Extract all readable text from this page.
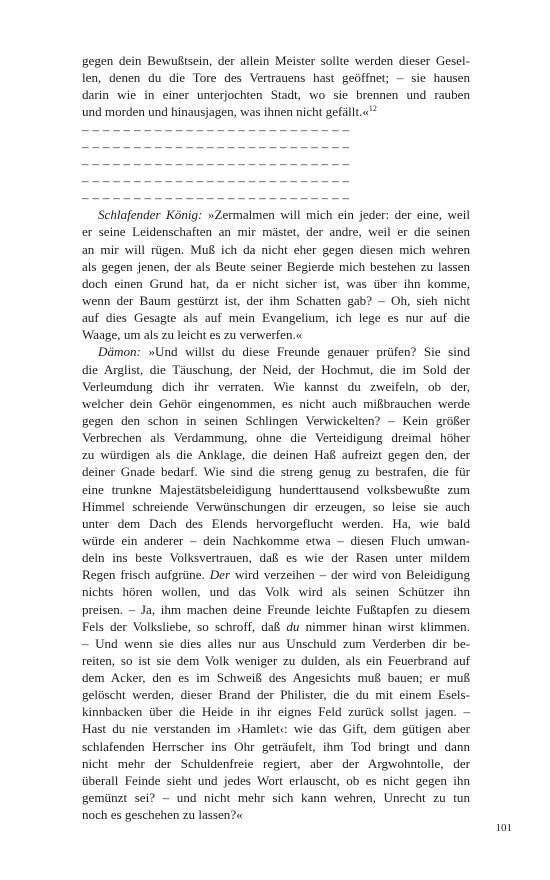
gegen dein Bewußtsein, der allein Meister sollte werden dieser Gesel-
len, denen du die Tore des Vertrauens hast geöffnet; – sie hausen
darin wie in einer unterjochten Stadt, wo sie brennen und rauben
und morden und hinausjagen, was ihnen nicht gefällt.«$^{12}$
– – – – – – – – – – – – – – – – – – – – – – – – – –
– – – – – – – – – – – – – – – – – – – – – – – – – –
– – – – – – – – – – – – – – – – – – – – – – – – – –
– – – – – – – – – – – – – – – – – – – – – – – – – –
– – – – – – – – – – – – – – – – – – – – – – – – – –
Schlafender König: »Zermalmen will mich ein jeder: der eine, weil
er seine Leidenschaften an mir mästet, der andre, weil er die seinen
an mir will rügen. Muß ich da nicht eher gegen diesen mich wehren
als gegen jenen, der als Beute seiner Begierde mich bestehen zu lassen
doch einen Grund hat, da er nicht sicher ist, was über ihn komme,
wenn der Baum gestürzt ist, der ihm Schatten gab? – Oh, sieh nicht
auf dies Gesagte als auf mein Evangelium, ich lege es nur auf die
Waage, um als zu leicht es zu verwerfen.«
Dämon: »Und willst du diese Freunde genauer prüfen? Sie sind
die Arglist, die Täuschung, der Neid, der Hochmut, die im Sold der
Verleumdung dich ihr verraten. Wie kannst du zweifeln, ob der,
welcher dein Gehör eingenommen, es nicht auch mißbrauchen werde
gegen den schon in seinen Schlingen Verwickelten? – Kein größer
Verbrechen als Verdammung, ohne die Verteidigung dreimal höher
zu würdigen als die Anklage, die deinen Haß aufreizt gegen den, der
deiner Gnade bedarf. Wie sind die streng genug zu bestrafen, die für
eine trunkne Majestätsbeleidigung hunderttausend volksbewußte zum
Himmel schreiende Verwünschungen dir erzeugen, so leise sie auch
unter dem Dach des Elends hervorgeflucht werden. Ha, wie bald
würde ein anderer – dein Nachkomme etwa – diesen Fluch umwan-
deln ins beste Volksvertrauen, daß es wie der Rasen unter mildem
Regen frisch aufgrüne. Der wird verzeihen – der wird von Beleidigung
nichts hören wollen, und das Volk wird als seinen Schützer ihn
preisen. – Ja, ihm machen deine Freunde leichte Fußtapfen zu diesem
Fels der Volksliebe, so schroff, daß du nimmer hinan wirst klimmen.
– Und wenn sie dies alles nur aus Unschuld zum Verderben dir be-
reiten, so ist sie dem Volk weniger zu dulden, als ein Feuerbrand auf
dem Acker, den es im Schweiß des Angesichts muß bauen; er muß
gelöscht werden, dieser Brand der Philister, die du mit einem Esels-
kinnbacken über die Heide in ihr eignes Feld zurück sollst jagen. –
Hast du nie verstanden im ›Hamlet‹: wie das Gift, dem gütigen aber
schlafenden Herrscher ins Ohr geträufelt, ihm Tod bringt und dann
nicht mehr der Schuldenfreie regiert, aber der Argwohntolle, der
überall Feinde sieht und jedes Wort erlauscht, ob es nicht gegen ihn
gemünzt sei? – und nicht mehr sich kann wehren, Unrecht zu tun
noch es geschehen zu lassen?«
101
